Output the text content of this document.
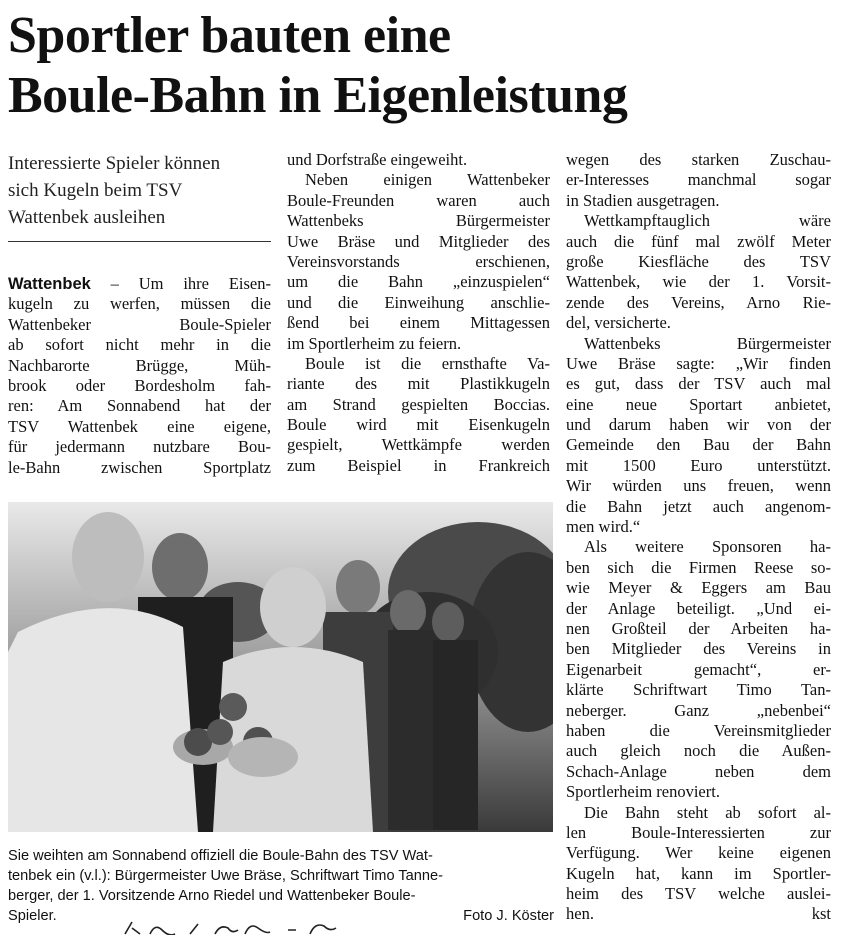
Sportler bauten eine
Boule-Bahn in Eigenleistung
Interessierte Spieler können
sich Kugeln beim TSV
Wattenbek ausleihen
Wattenbek – Um ihre Eisen-
kugeln zu werfen, müssen die
Wattenbeker Boule-Spieler
ab sofort nicht mehr in die
Nachbarorte Brügge, Müh-
brook oder Bordesholm fah-
ren: Am Sonnabend hat der
TSV Wattenbek eine eigene,
für jedermann nutzbare Bou-
le-Bahn zwischen Sportplatz
und Dorfstraße eingeweiht.
Neben einigen Wattenbeker
Boule-Freunden waren auch
Wattenbeks Bürgermeister
Uwe Bräse und Mitglieder des
Vereinsvorstands erschienen,
um die Bahn „einzuspielen“
und die Einweihung anschlie-
ßend bei einem Mittagessen
im Sportlerheim zu feiern.
Boule ist die ernsthafte Va-
riante des mit Plastikkugeln
am Strand gespielten Boccias.
Boule wird mit Eisenkugeln
gespielt, Wettkämpfe werden
zum Beispiel in Frankreich
wegen des starken Zuschau-
er-Interesses manchmal sogar
in Stadien ausgetragen.
Wettkampftauglich wäre
auch die fünf mal zwölf Meter
große Kiesfläche des TSV
Wattenbek, wie der 1. Vorsit-
zende des Vereins, Arno Rie-
del, versicherte.
Wattenbeks Bürgermeister
Uwe Bräse sagte: „Wir finden
es gut, dass der TSV auch mal
eine neue Sportart anbietet,
und darum haben wir von der
Gemeinde den Bau der Bahn
mit 1500 Euro unterstützt.
Wir würden uns freuen, wenn
die Bahn jetzt auch angenom-
men wird.“
Als weitere Sponsoren ha-
ben sich die Firmen Reese so-
wie Meyer & Eggers am Bau
der Anlage beteiligt. „Und ei-
nen Großteil der Arbeiten ha-
ben Mitglieder des Vereins in
Eigenarbeit gemacht“, er-
klärte Schriftwart Timo Tan-
neberger. Ganz „nebenbei“
haben die Vereinsmitglieder
auch gleich noch die Außen-
Schach-Anlage neben dem
Sportlerheim renoviert.
Die Bahn steht ab sofort al-
len Boule-Interessierten zur
Verfügung. Wer keine eigenen
Kugeln hat, kann im Sportler-
heim des TSV welche auslei-
hen.	kst
Sie weihten am Sonnabend offiziell die Boule-Bahn des TSV Wat-
tenbek ein (v.l.): Bürgermeister Uwe Bräse, Schriftwart Timo Tanne-
berger, der 1. Vorsitzende Arno Riedel und Wattenbeker Boule-
Spieler.	Foto J. Köster
